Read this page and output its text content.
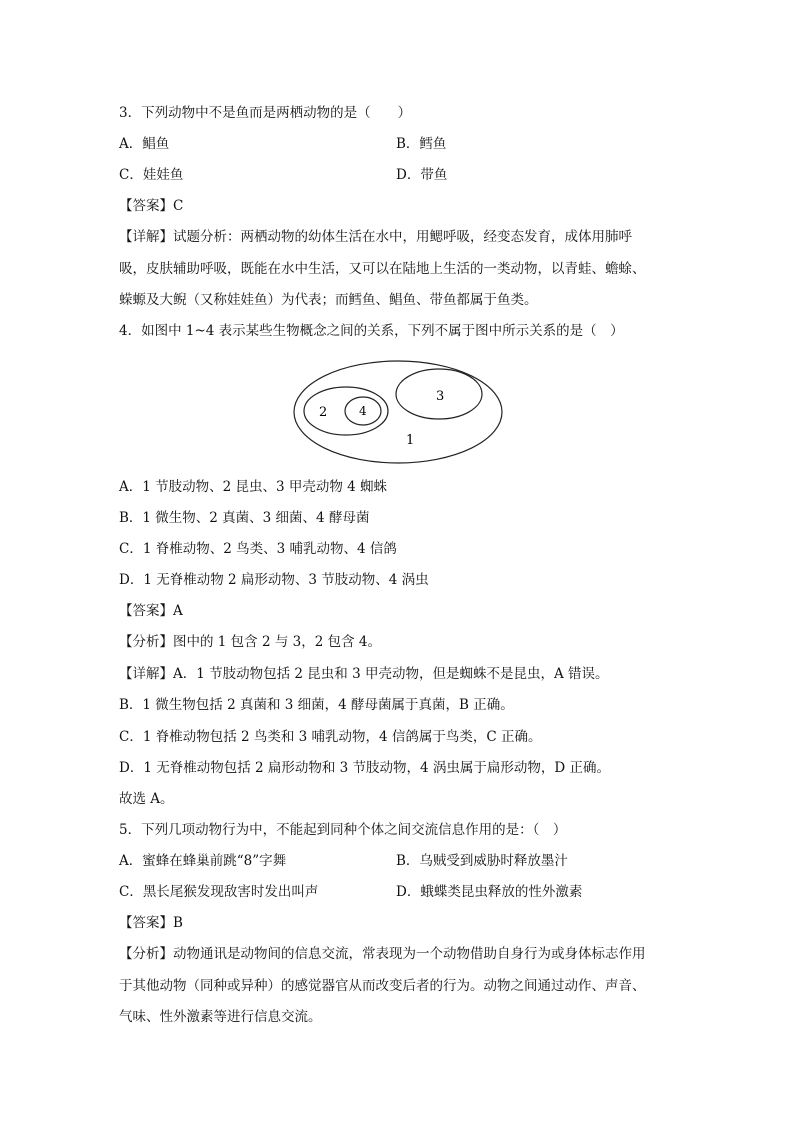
3．下列动物中不是鱼而是两栖动物的是（　　）
A．鲳鱼	B．鳕鱼
C．娃娃鱼	D．带鱼
【答案】C
【详解】试题分析：两栖动物的幼体生活在水中，用鳃呼吸，经变态发育，成体用肺呼
吸，皮肤辅助呼吸，既能在水中生活，又可以在陆地上生活的一类动物，以青蛙、蟾蜍、
蝾螈及大鲵（又称娃娃鱼）为代表；而鳕鱼、鲳鱼、带鱼都属于鱼类。
4．如图中 1~4 表示某些生物概念之间的关系，下列不属于图中所示关系的是（　）
1
2
3
4
A．1 节肢动物、2 昆虫、3 甲壳动物 4 蜘蛛
B．1 微生物、2 真菌、3 细菌、4 酵母菌
C．1 脊椎动物、2 鸟类、3 哺乳动物、4 信鸽
D．1 无脊椎动物 2 扁形动物、3 节肢动物、4 涡虫
【答案】A
【分析】图中的 1 包含 2 与 3，2 包含 4。
【详解】A．1 节肢动物包括 2 昆虫和 3 甲壳动物，但是蜘蛛不是昆虫，A 错误。
B．1 微生物包括 2 真菌和 3 细菌，4 酵母菌属于真菌，B 正确。
C．1 脊椎动物包括 2 鸟类和 3 哺乳动物，4 信鸽属于鸟类，C 正确。
D．1 无脊椎动物包括 2 扁形动物和 3 节肢动物，4 涡虫属于扁形动物，D 正确。
故选 A。
5．下列几项动物行为中，不能起到同种个体之间交流信息作用的是：（　）
A．蜜蜂在蜂巢前跳“8”字舞	B．乌贼受到威胁时释放墨汁
C．黑长尾猴发现敌害时发出叫声	D．蛾蝶类昆虫释放的性外激素
【答案】B
【分析】动物通讯是动物间的信息交流，常表现为一个动物借助自身行为或身体标志作用
于其他动物（同种或异种）的感觉器官从而改变后者的行为。动物之间通过动作、声音、
气味、性外激素等进行信息交流。
